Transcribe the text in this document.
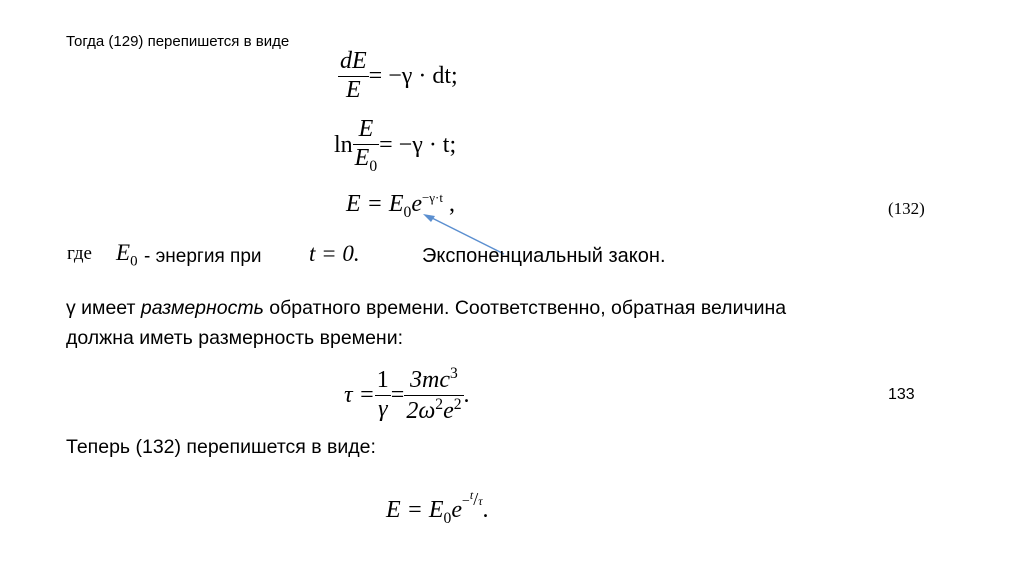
Тогда (129) перепишется в виде
$\frac{dE}{E} = -\gamma$ · dt;
$\ln \frac{E}{E_0} = -\gamma \cdot t$;
$E = E_0e^{-\gamma\cdot t}$ ,	(132)
где $E_0$ - энергия при t = 0.	Экспоненциальный закон.
γ имеет размерность обратного времени. Соответственно, обратная величина
должна иметь размерность времени:
$\tau = \frac{1}{\gamma} = \frac{3mc^3}{2\omega^2e^2}$ .	133
Теперь (132) перепишется в виде:
$E = E_0e^{-t/\tau}$.
